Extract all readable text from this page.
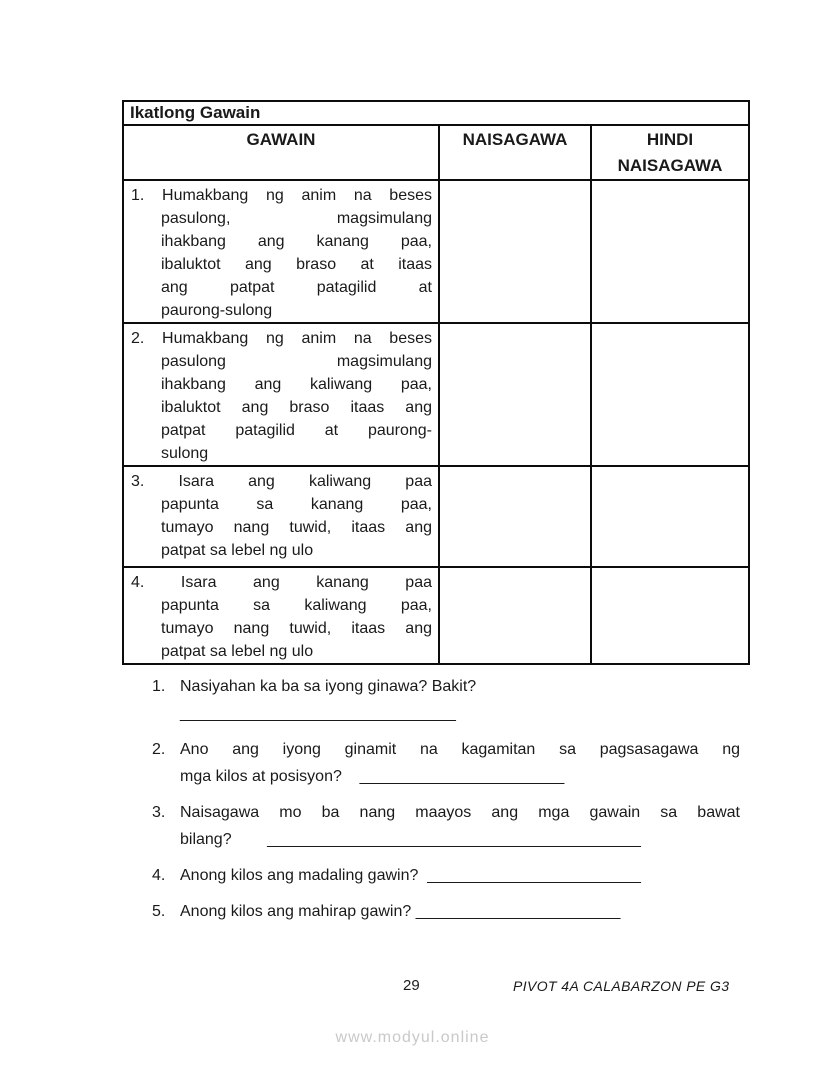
Ikatlong Gawain		
GAWAIN	NAISAGAWA	HINDI
NAISAGAWA

1. Humakbang ng anim na beses
pasulong, magsimulang
ihakbang ang kanang paa,
ibaluktot ang braso at itaas
ang patpat patagilid at
paurong-sulong

2. Humakbang ng anim na beses
pasulong magsimulang
ihakbang ang kaliwang paa,
ibaluktot ang braso itaas ang
patpat patagilid at paurong-
sulong

3. Isara ang kaliwang paa
papunta sa kanang paa,
tumayo nang tuwid, itaas ang
patpat sa lebel ng ulo		

4. Isara ang kanang paa
papunta sa kaliwang paa,
tumayo nang tuwid, itaas ang
patpat sa lebel ng ulo		

1. Nasiyahan ka ba sa iyong ginawa? Bakit?_______________________________
2. Ano ang iyong ginamit na kagamitan sa pagsasagawa ng
mga kilos at posisyon?    _______________________
3. Naisagawa mo ba nang maayos ang mga gawain sa bawat
bilang?        __________________________________________
4. Anong kilos ang madaling gawin?  ________________________
5. Anong kilos ang mahirap gawin? _______________________
29	PIVOT 4A CALABARZON PE G3
www.modyul.online
